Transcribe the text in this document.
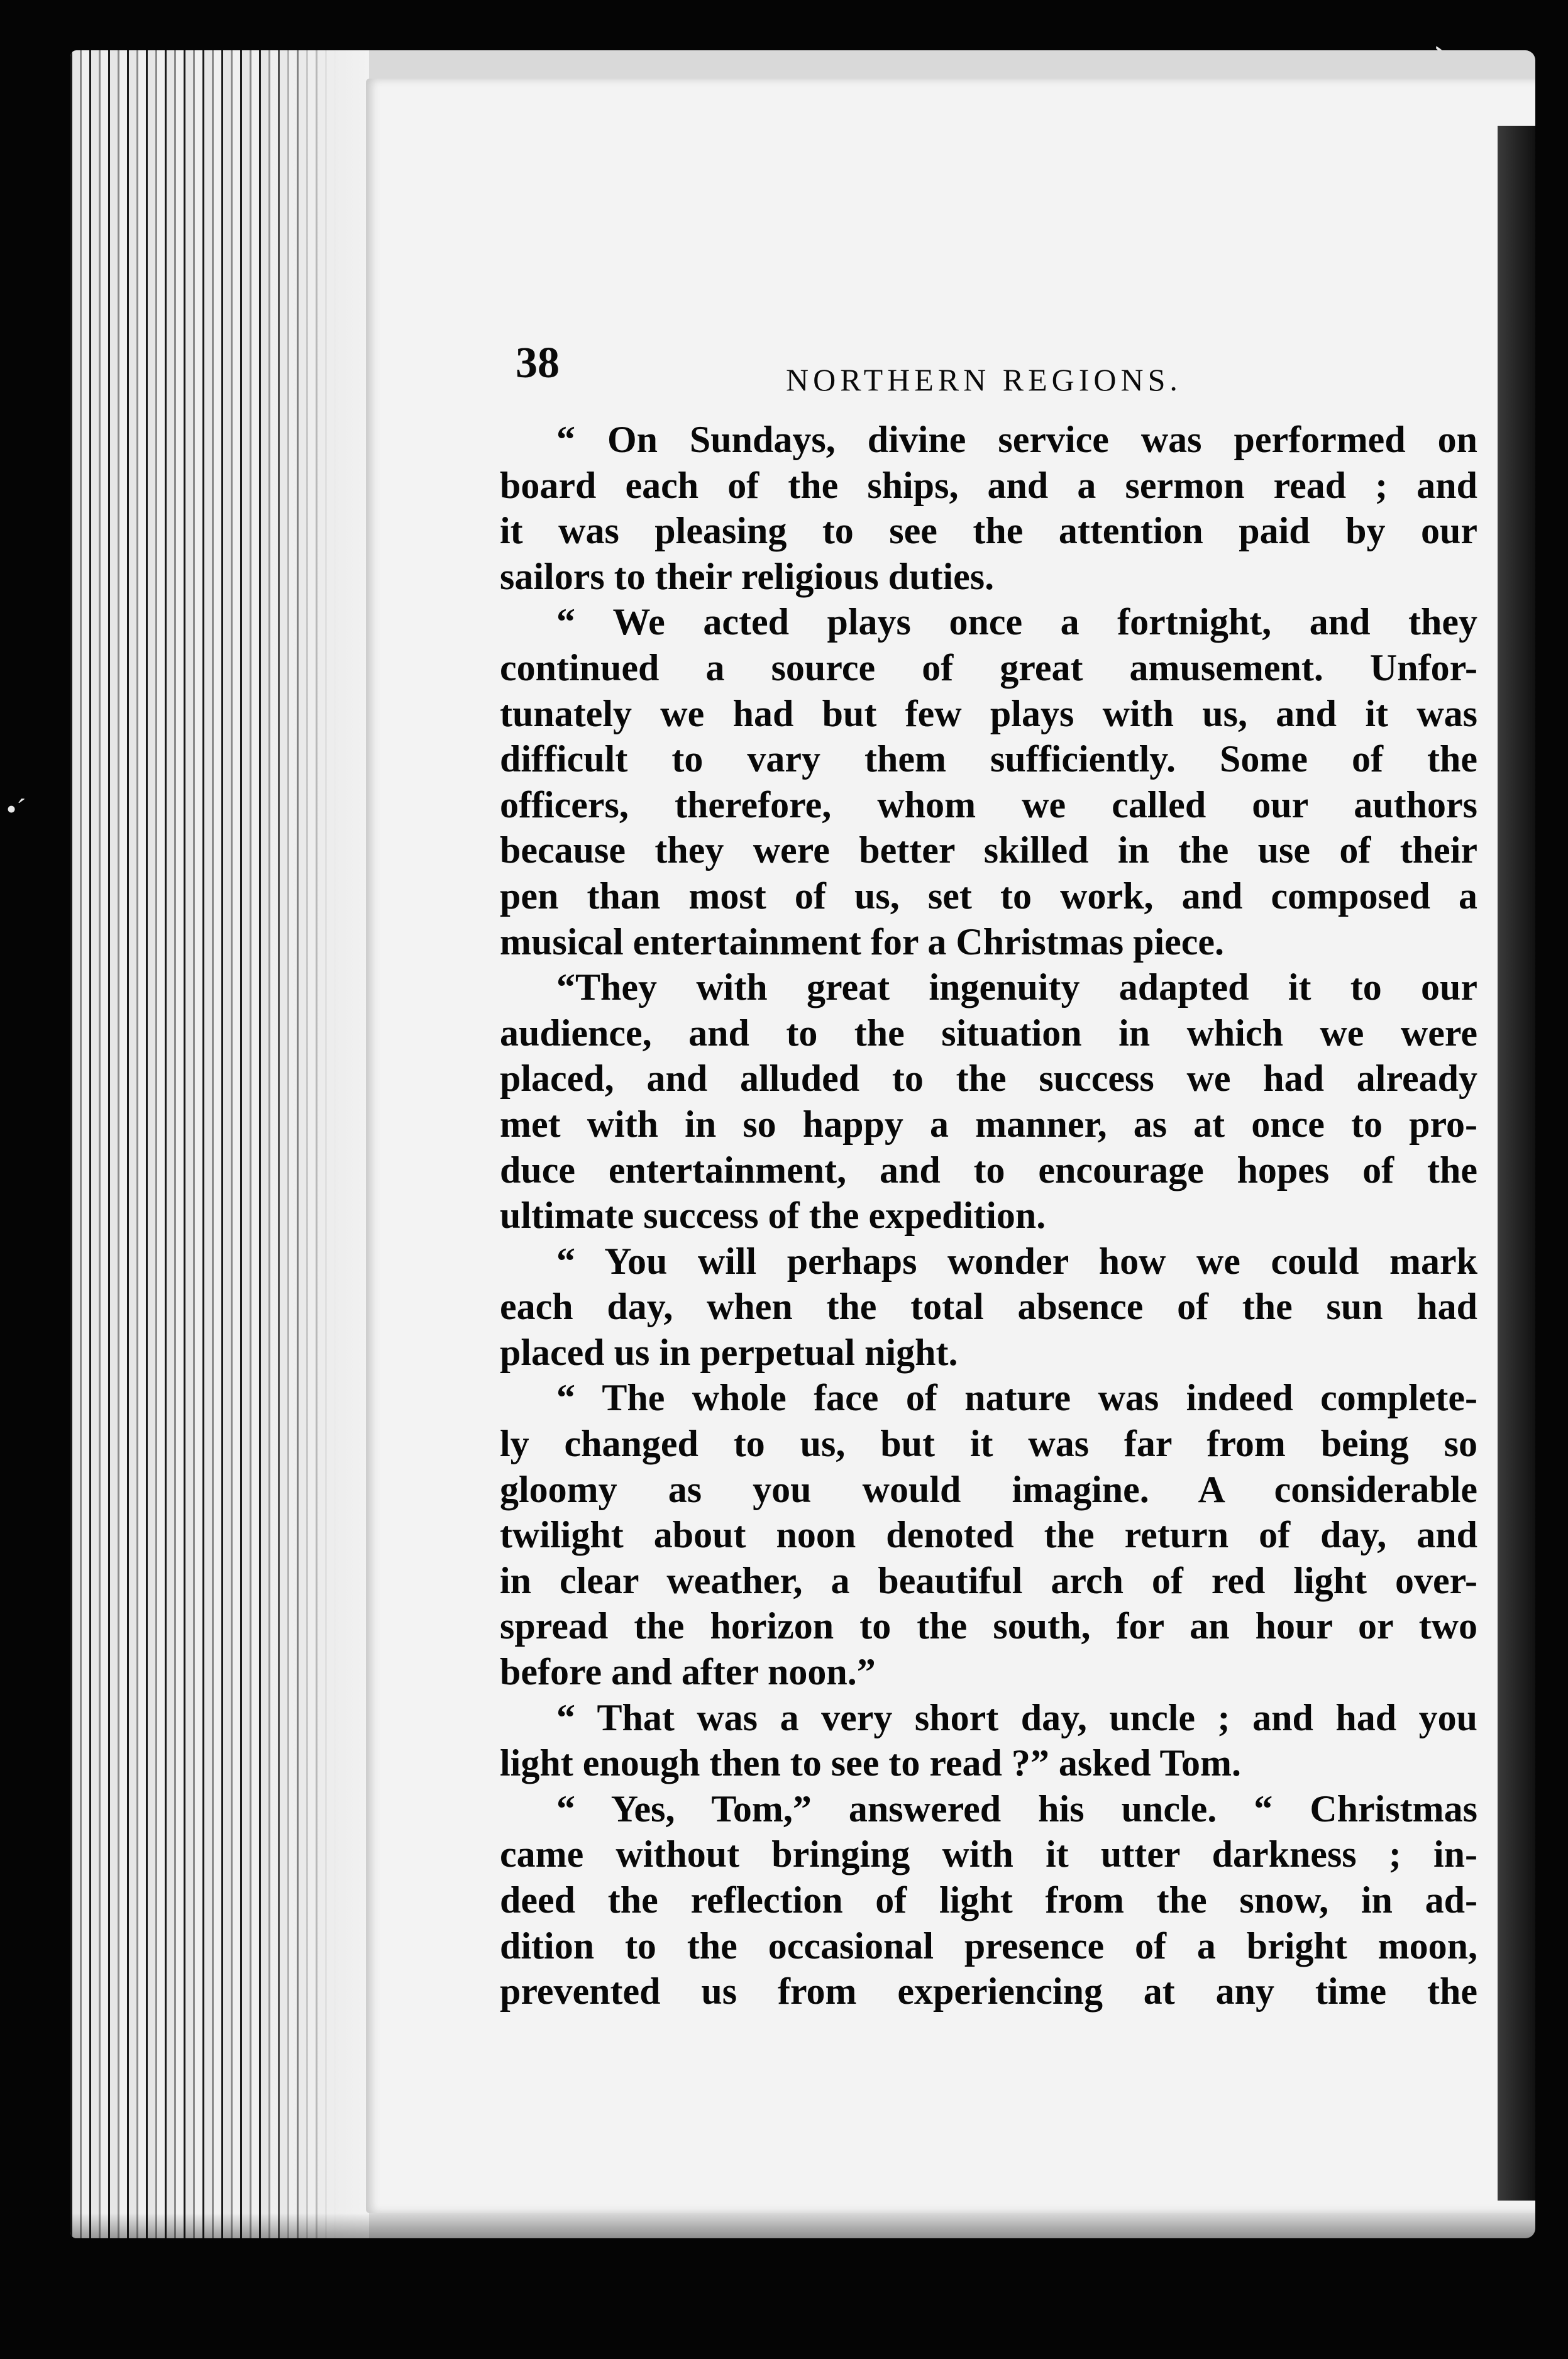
•´
38	NORTHERN REGIONS.
“ On Sundays, divine service was performed on
board each of the ships, and a sermon read ; and
it was pleasing to see the attention paid by our
sailors to their religious duties.
“ We acted plays once a fortnight, and they
continued a source of great amusement. Unfor-
tunately we had but few plays with us, and it was
difficult to vary them sufficiently. Some of the
officers, therefore, whom we called our authors
because they were better skilled in the use of their
pen than most of us, set to work, and composed a
musical entertainment for a Christmas piece.
“They with great ingenuity adapted it to our
audience, and to the situation in which we were
placed, and alluded to the success we had already
met with in so happy a manner, as at once to pro-
duce entertainment, and to encourage hopes of the
ultimate success of the expedition.
“ You will perhaps wonder how we could mark
each day, when the total absence of the sun had
placed us in perpetual night.
“ The whole face of nature was indeed complete-
ly changed to us, but it was far from being so
gloomy as you would imagine. A considerable
twilight about noon denoted the return of day, and
in clear weather, a beautiful arch of red light over-
spread the horizon to the south, for an hour or two
before and after noon.”
“ That was a very short day, uncle ; and had you
light enough then to see to read ?” asked Tom.
“ Yes, Tom,” answered his uncle. “ Christmas
came without bringing with it utter darkness ; in-
deed the reflection of light from the snow, in ad-
dition to the occasional presence of a bright moon,
prevented us from experiencing at any time the
